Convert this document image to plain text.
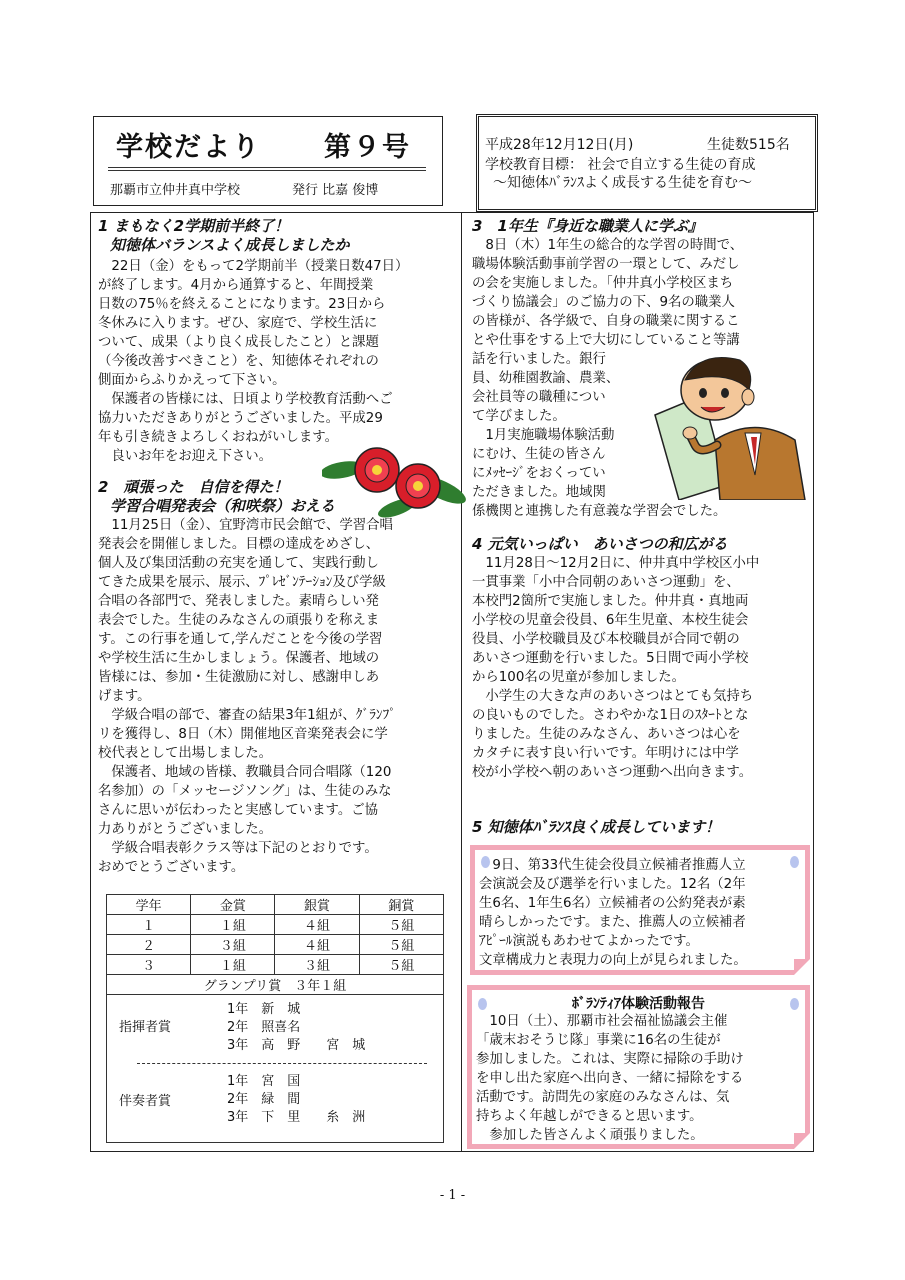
学校だより 第９号
那覇市立仲井真中学校	発行 比嘉 俊博
平成28年12月12日(月)	生徒数515名
学校教育目標： 社会で自立する生徒の育成
～知徳体ﾊﾞﾗﾝｽよく成長する生徒を育む～

1 まもなく2学期前半終了！

知徳体バランスよく成長しましたか

　22日（金）をもって2学期前半（授業日数47日）

が終了します。4月から通算すると、年間授業

日数の75％を終えることになります。23日から

冬休みに入ります。ぜひ、家庭で、学校生活に

ついて、成果（より良く成長したこと）と課題

（今後改善すべきこと）を、知徳体それぞれの

側面からふりかえって下さい。

　保護者の皆様には、日頃より学校教育活動へご

協力いただきありがとうございました。平成29

年も引き続きよろしくおねがいします。

　良いお年をお迎え下さい。

2　頑張った　自信を得た！

学習合唱発表会（和咲祭）おえる

　11月25日（金）、宜野湾市民会館で、学習合唱

発表会を開催しました。目標の達成をめざし、

個人及び集団活動の充実を通して、実践行動し

てきた成果を展示、展示、ﾌﾟﾚｾﾞﾝﾃｰｼｮﾝ及び学級

合唱の各部門で、発表しました。素晴らしい発

表会でした。生徒のみなさんの頑張りを称えま

す。この行事を通して,学んだことを今後の学習

や学校生活に生かしましょう。保護者、地域の

皆様には、参加・生徒激励に対し、感謝申しあ

げます。

　学級合唱の部で、審査の結果3年1組が、ｸﾞﾗﾝﾌﾟ

リを獲得し、8日（木）開催地区音楽発表会に学

校代表として出場しました。

　保護者、地域の皆様、教職員合同合唱隊（120

名参加）の「メッセージソング」は、生徒のみな

さんに思いが伝わったと実感しています。ご協

力ありがとうございました。

　学級合唱表彰クラス等は下記のとおりです。

おめでとうございます。

学年	金賞	銀賞	銅賞
１	１組	４組	５組
２	３組	４組	５組
３	１組	３組	５組
グランプリ賞　３年１組			
指揮者賞
1年　新　城
2年　照喜名
3年　高　野　　宮　城
伴奏者賞
1年　宮　国
2年　緑　間
3年　下　里　　糸　洲

3　1年生『身近な職業人に学ぶ』

　8日（木）1年生の総合的な学習の時間で、

職場体験活動事前学習の一環として、みだし

の会を実施しました。「仲井真小学校区まち

づくり協議会」のご協力の下、9名の職業人

の皆様が、各学級で、自身の職業に関するこ

とや仕事をする上で大切にしていること等講

話を行いました。銀行

員、幼稚園教諭、農業、

会社員等の職種につい

て学びました。

　1月実施職場体験活動

にむけ、生徒の皆さん

にﾒｯｾｰｼﾞをおくってい

ただきました。地域関

係機関と連携した有意義な学習会でした。

4 元気いっぱい　あいさつの和広がる

　11月28日～12月2日に、仲井真中学校区小中

一貫事業「小中合同朝のあいさつ運動」を、

本校門2箇所で実施しました。仲井真・真地両

小学校の児童会役員、6年生児童、本校生徒会

役員、小学校職員及び本校職員が合同で朝の

あいさつ運動を行いました。5日間で両小学校

から100名の児童が参加しました。

　小学生の大きな声のあいさつはとても気持ち

の良いものでした。さわやかな1日のｽﾀｰﾄとな

りました。生徒のみなさん、あいさつは心を

カタチに表す良い行いです。年明けには中学

校が小学校へ朝のあいさつ運動へ出向きます。

5 知徳体ﾊﾞﾗﾝｽ良く成長しています！

　9日、第33代生徒会役員立候補者推薦人立

会演説会及び選挙を行いました。12名（2年

生6名、1年生6名）立候補者の公約発表が素

晴らしかったです。また、推薦人の立候補者

ｱﾋﾟｰﾙ演説もあわせてよかったです。

文章構成力と表現力の向上が見られました。

ﾎﾞﾗﾝﾃｨｱ体験活動報告

　10日（土）、那覇市社会福祉協議会主催

「歳末おそうじ隊」事業に16名の生徒が

参加しました。これは、実際に掃除の手助け

を申し出た家庭へ出向き、一緒に掃除をする

活動です。訪問先の家庭のみなさんは、気

持ちよく年越しができると思います。

　参加した皆さんよく頑張りました。

- 1 -
